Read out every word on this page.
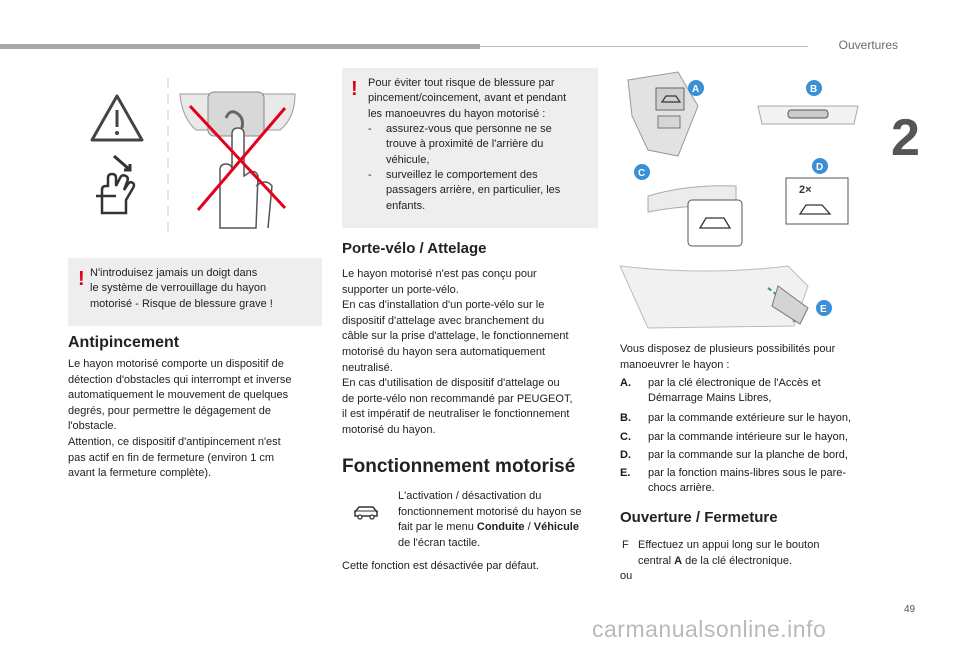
Ouvertures
2
! N'introduisez jamais un doigt dans
le système de verrouillage du hayon
motorisé - Risque de blessure grave !
Antipincement
Le hayon motorisé comporte un dispositif de
détection d'obstacles qui interrompt et inverse
automatiquement le mouvement de quelques
degrés, pour permettre le dégagement de
l'obstacle.
Attention, ce dispositif d'antipincement n'est
pas actif en fin de fermeture (environ 1 cm
avant la fermeture complète).
! Pour éviter tout risque de blessure par
pincement/coincement, avant et pendant
les manoeuvres du hayon motorisé :
- assurez-vous que personne ne se
trouve à proximité de l'arrière du
véhicule,
- surveillez le comportement des
passagers arrière, en particulier, les
enfants.
Porte-vélo / Attelage
Le hayon motorisé n'est pas conçu pour
supporter un porte-vélo.
En cas d'installation d'un porte-vélo sur le
dispositif d'attelage avec branchement du
câble sur la prise d'attelage, le fonctionnement
motorisé du hayon sera automatiquement
neutralisé.
En cas d'utilisation de dispositif d'attelage ou
de porte-vélo non recommandé par PEUGEOT,
il est impératif de neutraliser le fonctionnement
motorisé du hayon.
Fonctionnement motorisé
L'activation / désactivation du
fonctionnement motorisé du hayon se
fait par le menu Conduite / Véhicule
de l'écran tactile.
Cette fonction est désactivée par défaut.
2×
A	B
C
D
E
Vous disposez de plusieurs possibilités pour
manoeuvrer le hayon :
A. par la clé électronique de l'Accès et
Démarrage Mains Libres,
B. par la commande extérieure sur le hayon,
C. par la commande intérieure sur le hayon,
D. par la commande sur la planche de bord,
E. par la fonction mains-libres sous le pare-
chocs arrière.
Ouverture / Fermeture
F Effectuez un appui long sur le bouton
central A de la clé électronique.
ou
49
carmanualsonline.info
